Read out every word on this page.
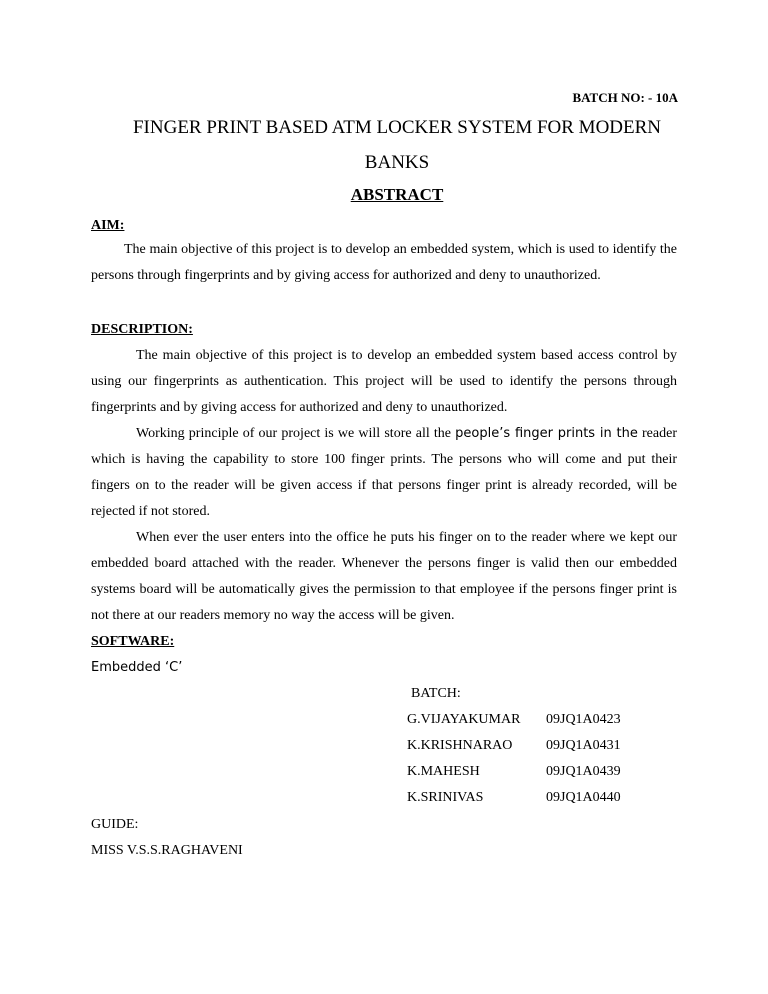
BATCH NO: - 10A
FINGER PRINT BASED ATM LOCKER SYSTEM FOR MODERN
BANKS
ABSTRACT
AIM:

The main objective of this project is to develop an embedded system, which is used to identify the persons through fingerprints and by giving access for authorized and deny to unauthorized.

DESCRIPTION:

The main objective of this project is to develop an embedded system based access control by using our fingerprints as authentication. This project will be used to identify the persons through fingerprints and by giving access for authorized and deny to unauthorized.

Working principle of our project is we will store all the people’s finger prints in the reader which is having the capability to store 100 finger prints. The persons who will come and put their fingers on to the reader will be given access if that persons finger print is already recorded, will be rejected if not stored.

When ever the user enters into the office he puts his finger on to the reader where we kept our embedded board attached with the reader. Whenever the persons finger is valid then our embedded systems board will be automatically gives the permission to that employee if the persons finger print is not there at our readers memory no way the access will be given.

SOFTWARE:
Embedded ‘C’
BATCH:
G.VIJAYAKUMAR 09JQ1A0423
K.KRISHNARAO 09JQ1A0431
K.MAHESH	09JQ1A0439
K.SRINIVAS	09JQ1A0440
GUIDE:
MISS V.S.S.RAGHAVENI
